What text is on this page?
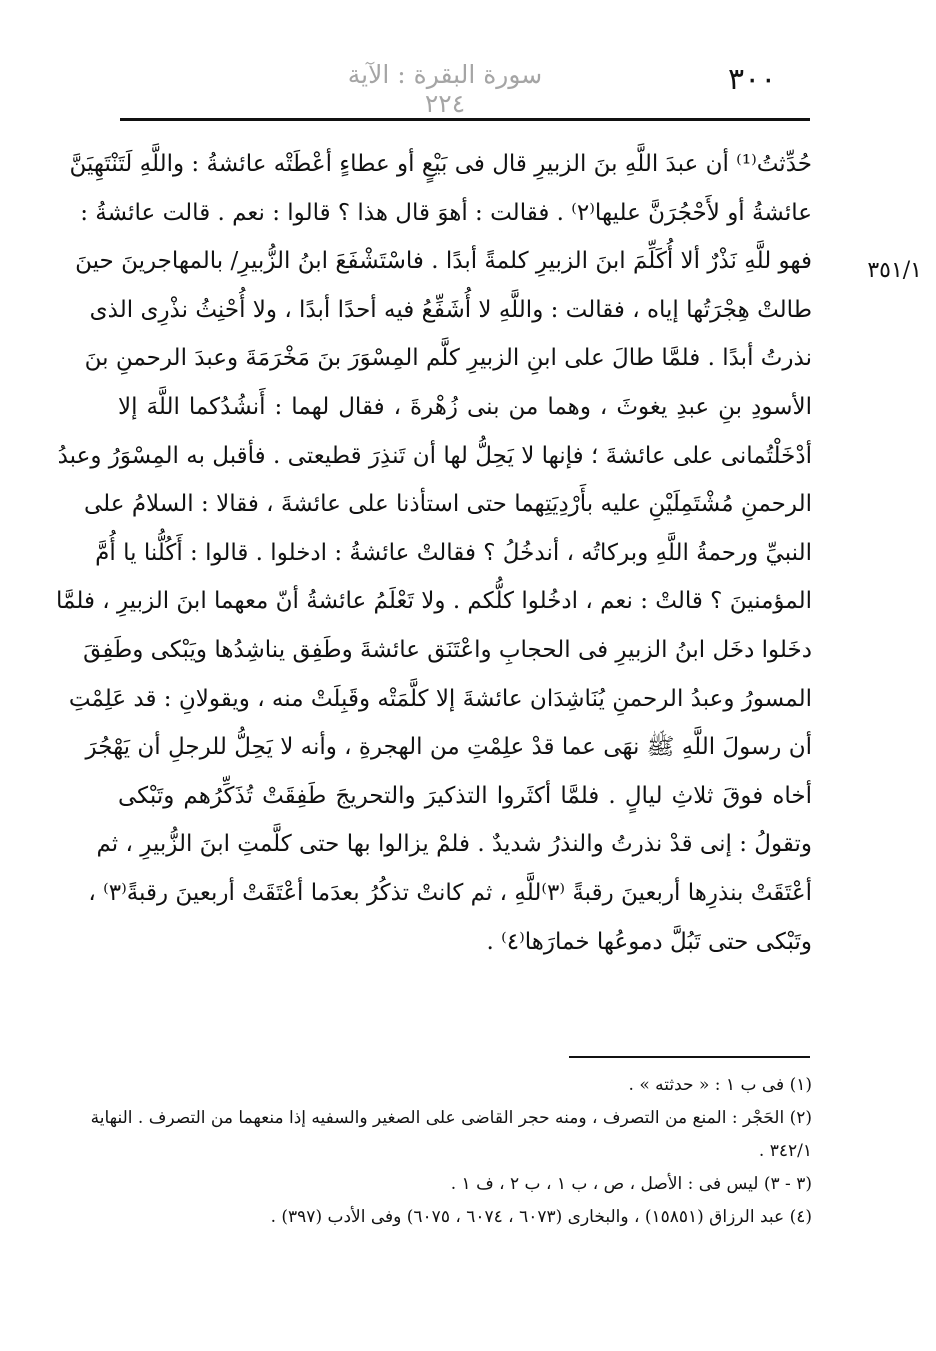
٣٠٠
سورة البقرة : الآية ٢٢٤
٣٥١/١
حُدِّثتُ⁽¹⁾ أن عبدَ اللَّهِ بنَ الزبيرِ قال فى بَيْعٍ أو عطاءٍ أعْطَتْه عائشةُ : واللَّهِ لَتَنْتَهِيَنَّ
عائشةُ أو لأَحْجُرَنَّ عليها⁽٢⁾ . فقالت : أهوَ قال هذا ؟ قالوا : نعم . قالت عائشةُ :
فهو للَّهِ نَذْرٌ ألا أُكَلِّمَ ابنَ الزبيرِ كلمةً أبدًا . فاسْتَشْفَعَ ابنُ الزُّبيرِ/ بالمهاجرينَ حينَ
طالتْ هِجْرَتُها إياه ، فقالت : واللَّهِ لا أُشَفِّعُ فيه أحدًا أبدًا ، ولا أُحْنِثُ نذْرِى الذى
نذرتُ أبدًا . فلمَّا طالَ على ابنِ الزبيرِ كلَّم المِسْوَرَ بنَ مَخْرَمَةَ وعبدَ الرحمنِ بنَ
الأسودِ بنِ عبدِ يغوثَ ، وهما من بنى زُهْرةَ ، فقال لهما : أَنشُدُكما اللَّهَ إلا
أدْخَلْتُمانى على عائشةَ ؛ فإنها لا يَحِلُّ لها أن تَنذِرَ قطيعتى . فأقبل به المِسْوَرُ وعبدُ
الرحمنِ مُشْتَمِلَيْنِ عليه بأَرْدِيَتِهما حتى استأذنا على عائشةَ ، فقالا : السلامُ على
النبيِّ ورحمةُ اللَّهِ وبركاتُه ، أندخُلُ ؟ فقالتْ عائشةُ : ادخلوا . قالوا : أَكُلُّنا يا أُمَّ
المؤمنينَ ؟ قالتْ : نعم ، ادخُلوا كلُّكم . ولا تَعْلَمُ عائشةُ أنّ معهما ابنَ الزبيرِ ، فلمَّا
دخَلوا دخَل ابنُ الزبيرِ فى الحجابِ واعْتَنَق عائشةَ وطَفِق يناشِدُها ويَبْكى وطَفِقَ
المسورُ وعبدُ الرحمنِ يُنَاشِدَان عائشةَ إلا كلَّمَتْه وقَبِلَتْ منه ، ويقولانِ : قد عَلِمْتِ
أن رسولَ اللَّهِ ﷺ نهَى عما قدْ علِمْتِ من الهجرةِ ، وأنه لا يَحِلُّ للرجلِ أن يَهْجُرَ
أخاه فوقَ ثلاثِ ليالٍ . فلمَّا أكثَروا التذكيرَ والتحريجَ طَفِقَتْ تُذَكِّرُهم وتَبْكى
وتقولُ : إنى قدْ نذرتُ والنذرُ شديدٌ . فلمْ يزالوا بها حتى كلَّمتِ ابنَ الزُّبيرِ ، ثم
أعْتَقَتْ بنذرِها أربعينَ رقبةً ⁽٣⁾للَّهِ ، ثم كانتْ تذكُرُ بعدَما أعْتَقَتْ أربعينَ رقبةً⁽٣⁾ ،
وتَبْكى حتى تَبُلَّ دموعُها خمارَها⁽٤⁾ .
(١) فى ب ١ : « حدثته » .
(٢) الحَجْر : المنع من التصرف ، ومنه حجر القاضى على الصغير والسفيه إذا منعهما من التصرف . النهاية
٣٤٢/١ .
(٣ - ٣) ليس فى : الأصل ، ص ، ب ١ ، ب ٢ ، ف ١ .
(٤) عبد الرزاق (١٥٨٥١) ، والبخارى (٦٠٧٣ ، ٦٠٧٤ ، ٦٠٧٥) وفى الأدب (٣٩٧) .
